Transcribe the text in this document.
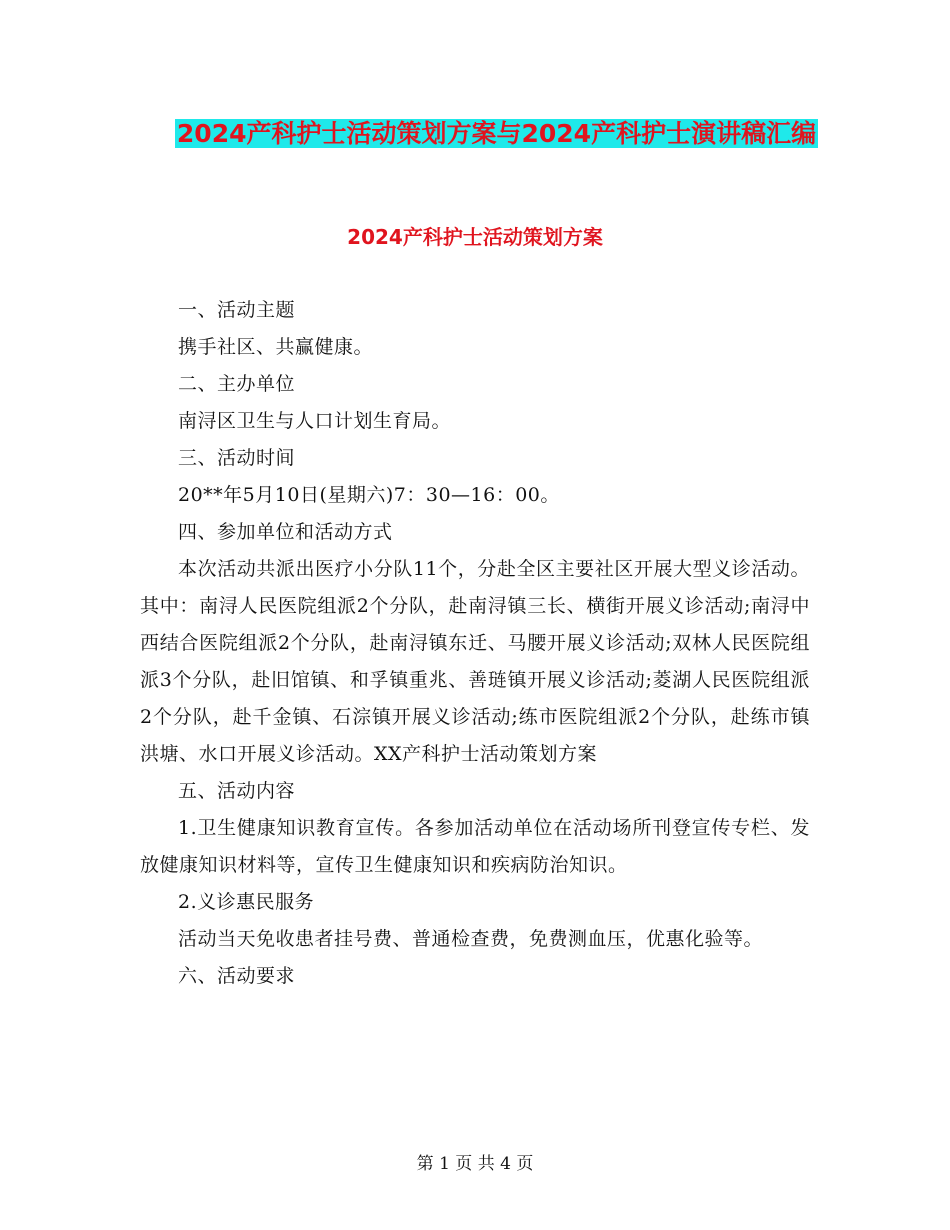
2024产科护士活动策划方案与2024产科护士演讲稿汇编
2024产科护士活动策划方案

一、活动主题

携手社区、共赢健康。

二、主办单位

南浔区卫生与人口计划生育局。

三、活动时间

20**年5月10日(星期六)7：30—16：00。

四、参加单位和活动方式

本次活动共派出医疗小分队11个，分赴全区主要社区开展大型义诊活动。其中：南浔人民医院组派2个分队，赴南浔镇三长、横街开展义诊活动;南浔中西结合医院组派2个分队，赴南浔镇东迁、马腰开展义诊活动;双林人民医院组派3个分队，赴旧馆镇、和孚镇重兆、善琏镇开展义诊活动;菱湖人民医院组派2个分队，赴千金镇、石淙镇开展义诊活动;练市医院组派2个分队，赴练市镇洪塘、水口开展义诊活动。XX产科护士活动策划方案

五、活动内容

1.卫生健康知识教育宣传。各参加活动单位在活动场所刊登宣传专栏、发放健康知识材料等，宣传卫生健康知识和疾病防治知识。

2.义诊惠民服务

活动当天免收患者挂号费、普通检查费，免费测血压，优惠化验等。

六、活动要求

第 1 页 共 4 页
